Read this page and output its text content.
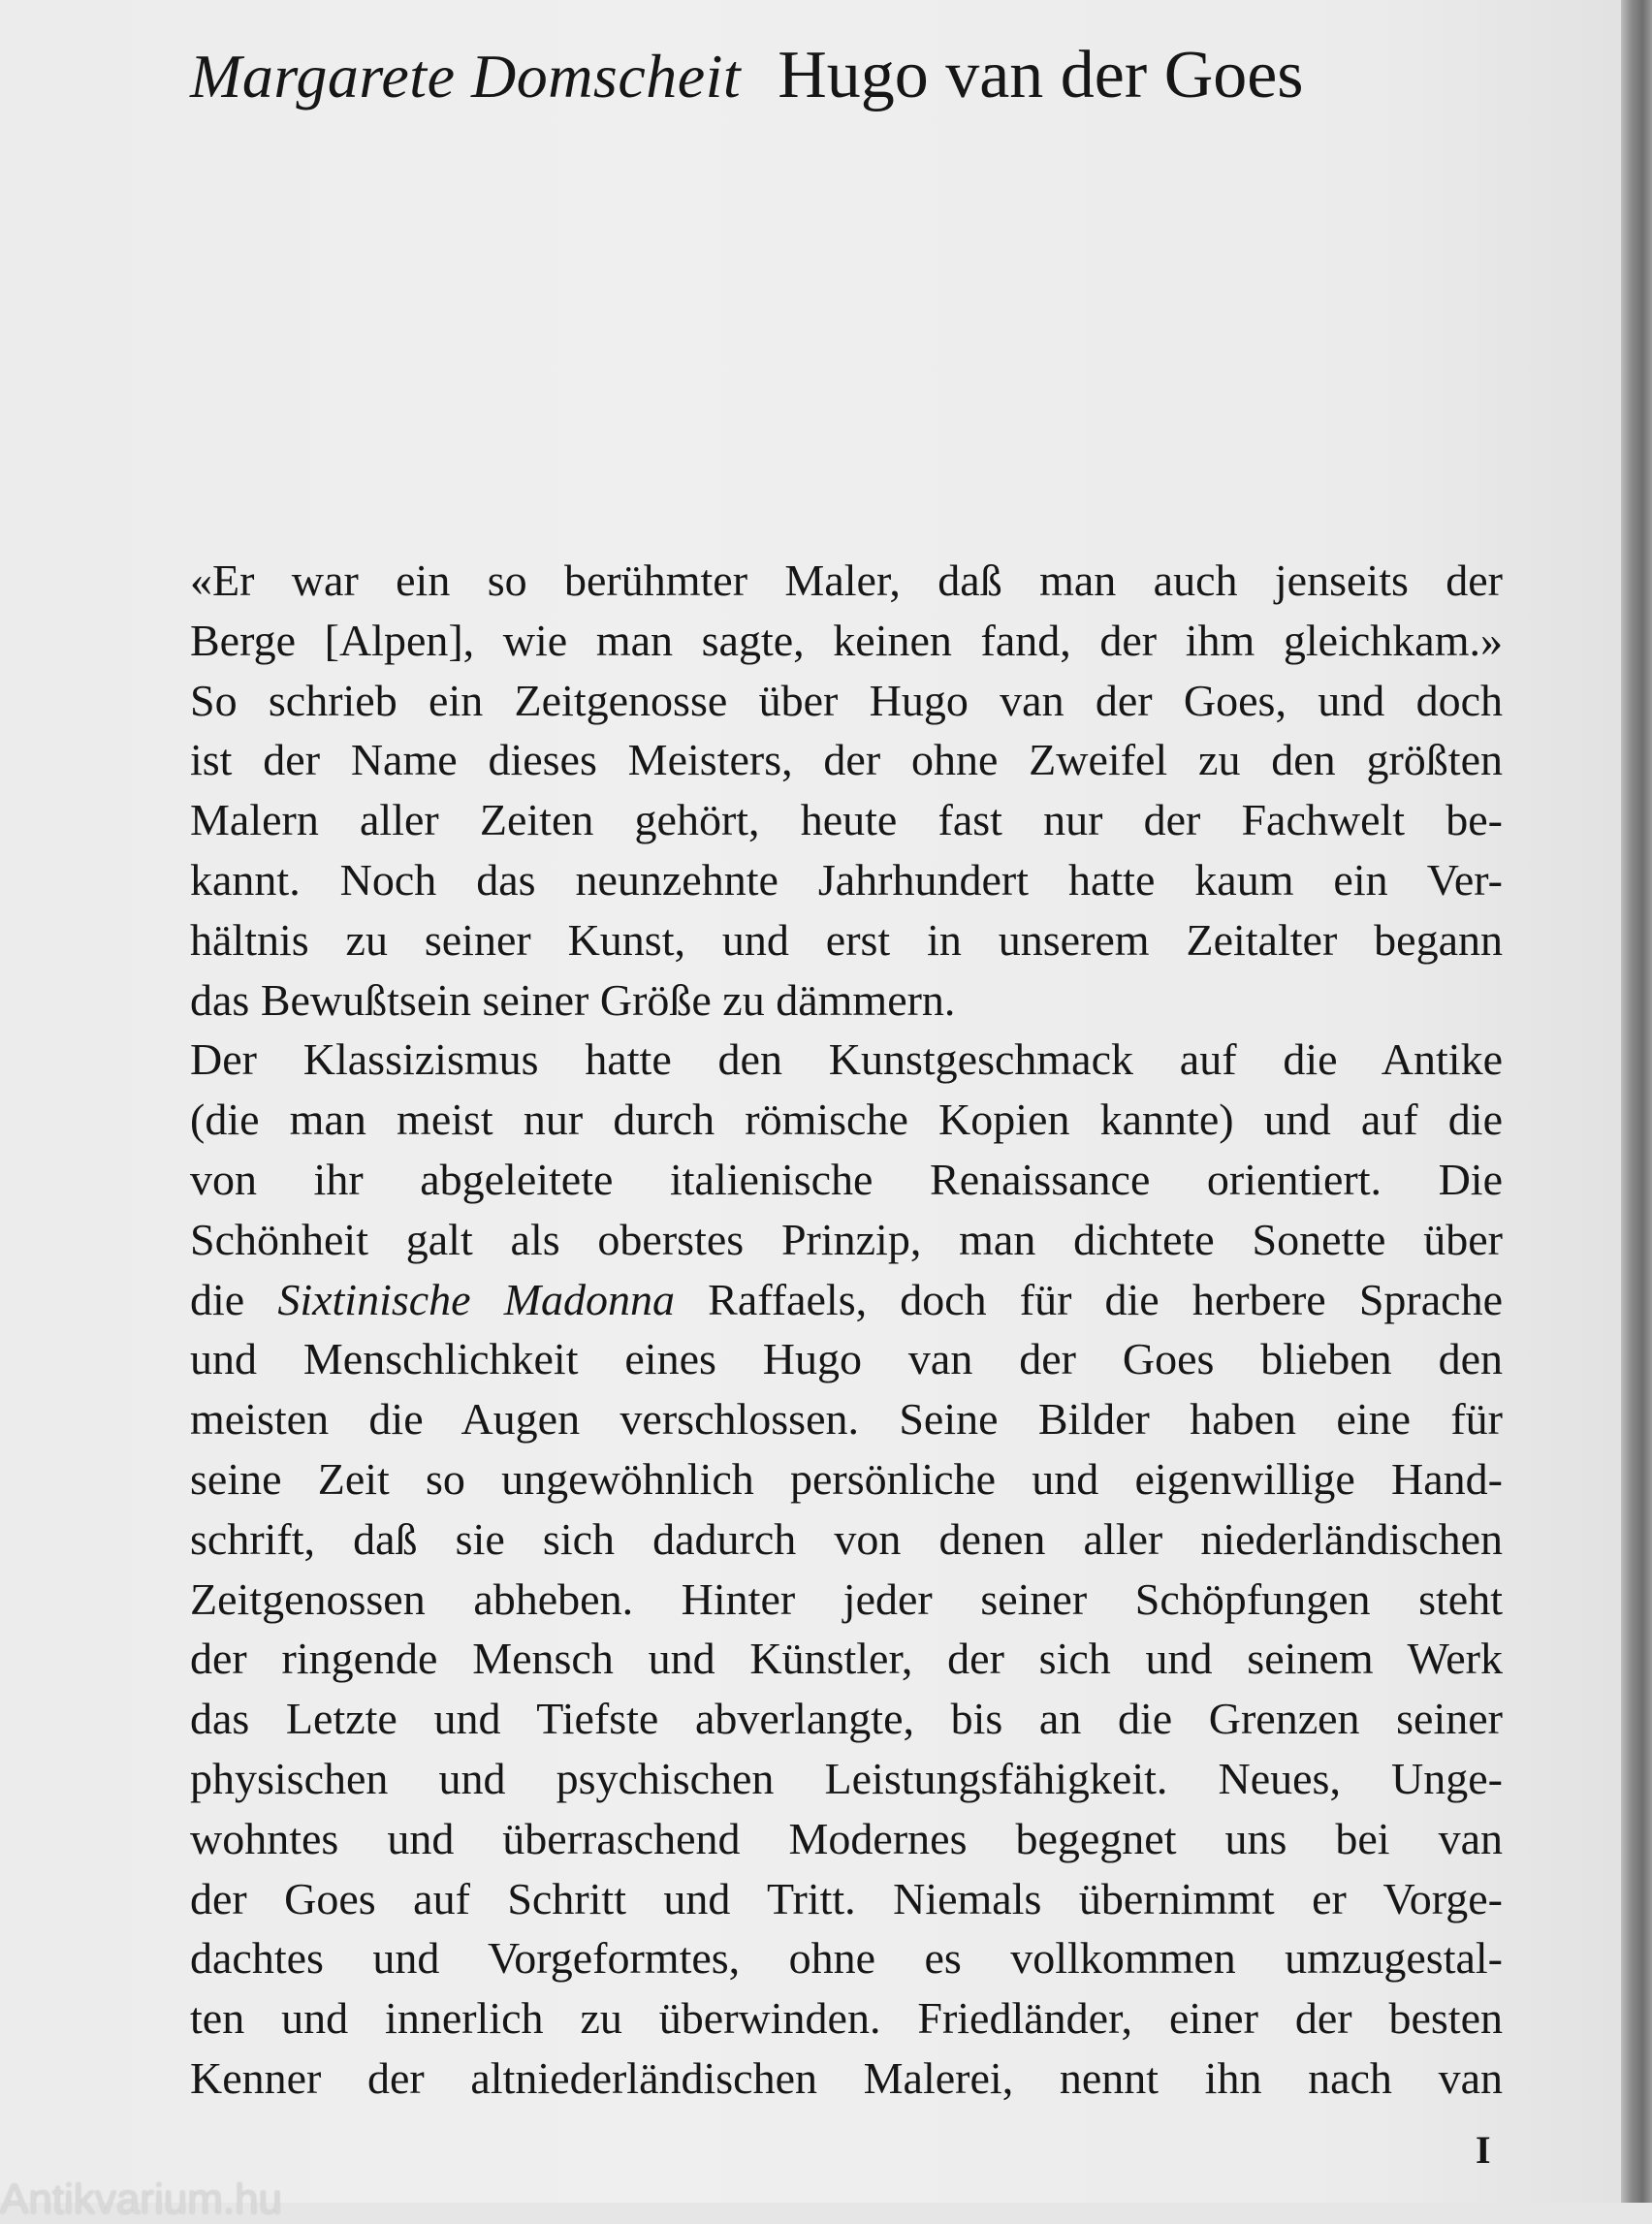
Margarete Domscheit Hugo van der Goes
«Er war ein so berühmter Maler, daß man auch jenseits der
Berge [Alpen], wie man sagte, keinen fand, der ihm gleichkam.»
So schrieb ein Zeitgenosse über Hugo van der Goes, und doch
ist der Name dieses Meisters, der ohne Zweifel zu den größten
Malern aller Zeiten gehört, heute fast nur der Fachwelt be-
kannt. Noch das neunzehnte Jahrhundert hatte kaum ein Ver-
hältnis zu seiner Kunst, und erst in unserem Zeitalter begann
das Bewußtsein seiner Größe zu dämmern.
Der Klassizismus hatte den Kunstgeschmack auf die Antike
(die man meist nur durch römische Kopien kannte) und auf die
von ihr abgeleitete italienische Renaissance orientiert. Die
Schönheit galt als oberstes Prinzip, man dichtete Sonette über
die Sixtinische Madonna Raffaels, doch für die herbere Sprache
und Menschlichkeit eines Hugo van der Goes blieben den
meisten die Augen verschlossen. Seine Bilder haben eine für
seine Zeit so ungewöhnlich persönliche und eigenwillige Hand-
schrift, daß sie sich dadurch von denen aller niederländischen
Zeitgenossen abheben. Hinter jeder seiner Schöpfungen steht
der ringende Mensch und Künstler, der sich und seinem Werk
das Letzte und Tiefste abverlangte, bis an die Grenzen seiner
physischen und psychischen Leistungsfähigkeit. Neues, Unge-
wohntes und überraschend Modernes begegnet uns bei van
der Goes auf Schritt und Tritt. Niemals übernimmt er Vorge-
dachtes und Vorgeformtes, ohne es vollkommen umzugestal-
ten und innerlich zu überwinden. Friedländer, einer der besten
Kenner der altniederländischen Malerei, nennt ihn nach van
I
Antikvarium.hu
